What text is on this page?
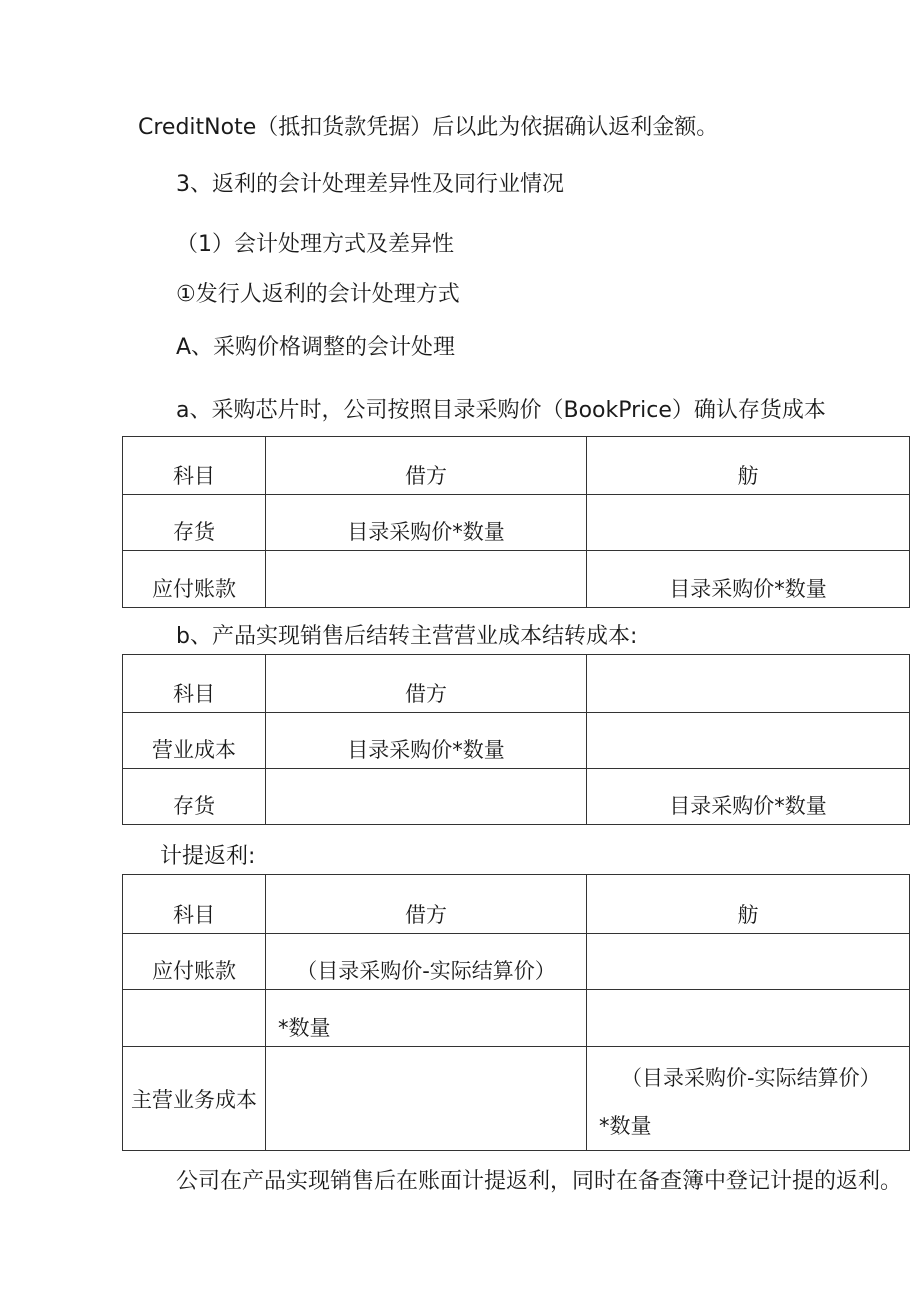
CreditNote（抵扣货款凭据）后以此为依据确认返利金额。
3、返利的会计处理差异性及同行业情况
（1）会计处理方式及差异性
①发行人返利的会计处理方式
A、采购价格调整的会计处理
a、采购芯片时，公司按照目录采购价（BookPrice）确认存货成本
科目	借方	舫
存货	目录采购价*数量	
应付账款		目录采购价*数量
b、产品实现销售后结转主营营业成本结转成本:
科目	借方	
营业成本	目录采购价*数量	
存货		目录采购价*数量
计提返利:
科目	借方	舫
应付账款	（目录采购价-实际结算价）	
	*数量	
主营业务成本		（目录采购价-实际结算价）
*数量
公司在产品实现销售后在账面计提返利，同时在备查簿中登记计提的返利。
